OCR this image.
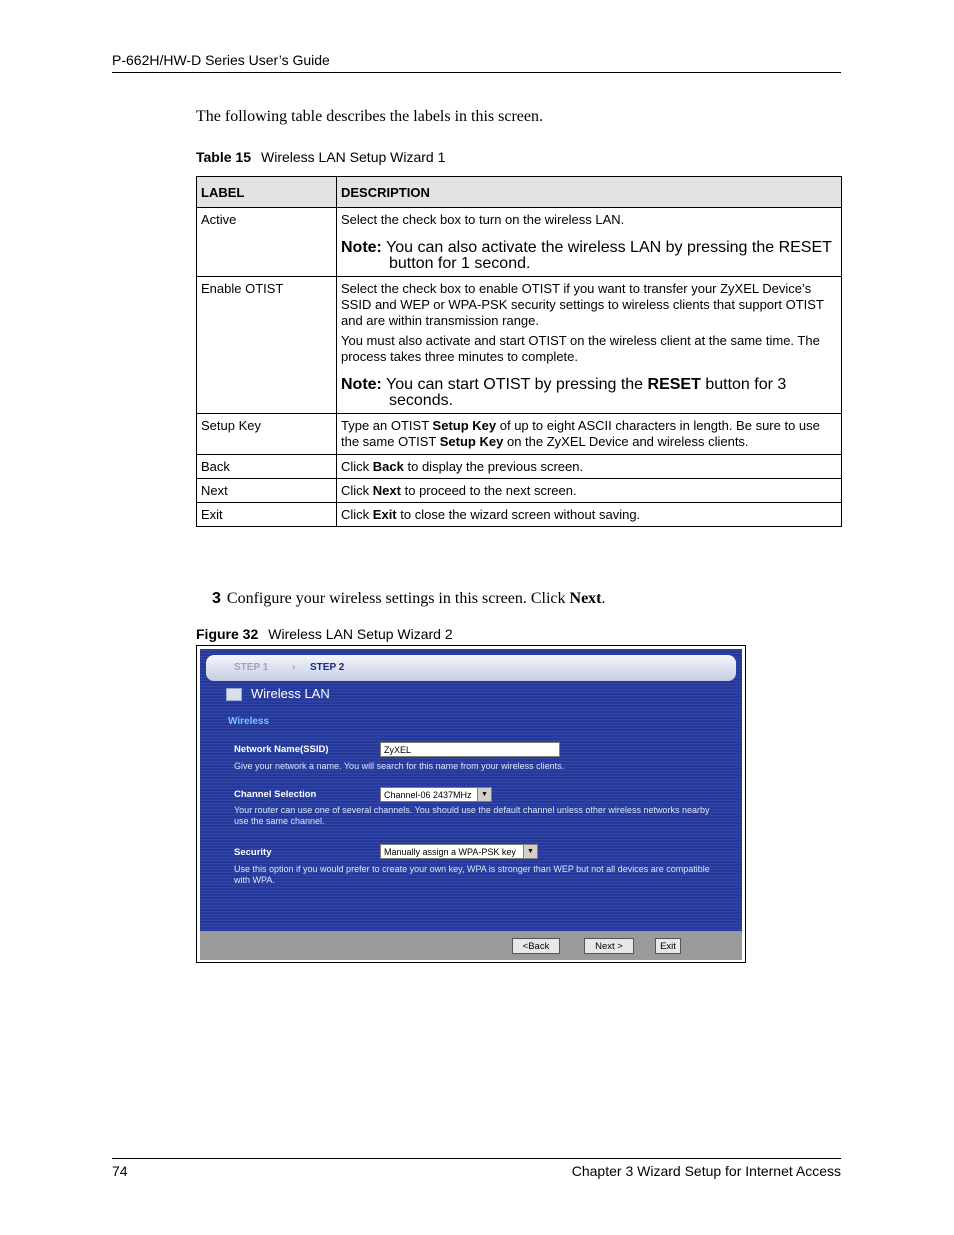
P-662H/HW-D Series User’s Guide
The following table describes the labels in this screen.
Table 15 Wireless LAN Setup Wizard 1
LABEL	DESCRIPTION
Active	Select the check box to turn on the wireless LAN.

Note: You can also activate the wireless LAN by pressing the RESET button for 1 second.

Enable OTIST	Select the check box to enable OTIST if you want to transfer your ZyXEL Device’s SSID and WEP or WPA-PSK security settings to wireless clients that support OTIST and are within transmission range.

You must also activate and start OTIST on the wireless client at the same time. The process takes three minutes to complete.

Note: You can start OTIST by pressing the RESET button for 3 seconds.

Setup Key	Type an OTIST Setup Key of up to eight ASCII characters in length. Be sure to use the same OTIST Setup Key on the ZyXEL Device and wireless clients.

Back	Click Back to display the previous screen.
Next	Click Next to proceed to the next screen.
Exit	Click Exit to close the wizard screen without saving.
3 Configure your wireless settings in this screen. Click Next.
Figure 32 Wireless LAN Setup Wizard 2
STEP 1 › STEP 2
Wireless LAN
Wireless
Network Name(SSID)	ZyXEL
Give your network a name. You will search for this name from your wireless clients.
Channel Selection	Channel-06 2437MHz	▼
Your router can use one of several channels. You should use the default channel unless other wireless networks nearby use the same channel.
Security	Manually assign a WPA-PSK key	▼
Use this option if you would prefer to create your own key, WPA is stronger than WEP but not all devices are compatible with WPA.
<Back	Next >	Exit
74	Chapter 3 Wizard Setup for Internet Access
